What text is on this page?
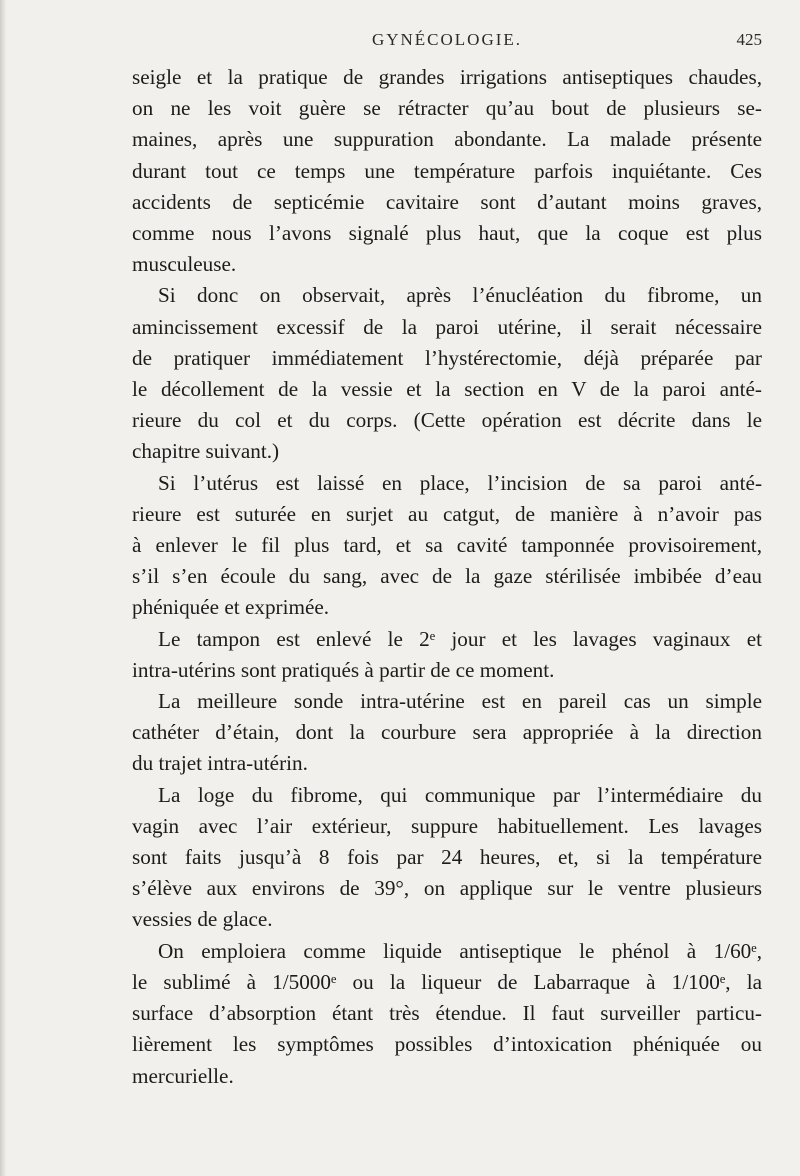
GYNÉCOLOGIE.	425

seigle et la pratique de grandes irrigations antiseptiques chaudes,
on ne les voit guère se rétracter qu’au bout de plusieurs se-
maines, après une suppuration abondante. La malade présente
durant tout ce temps une température parfois inquiétante. Ces
accidents de septicémie cavitaire sont d’autant moins graves,
comme nous l’avons signalé plus haut, que la coque est plus
musculeuse.

Si donc on observait, après l’énucléation du fibrome, un
amincissement excessif de la paroi utérine, il serait nécessaire
de pratiquer immédiatement l’hystérectomie, déjà préparée par
le décollement de la vessie et la section en V de la paroi anté-
rieure du col et du corps. (Cette opération est décrite dans le
chapitre suivant.)

Si l’utérus est laissé en place, l’incision de sa paroi anté-
rieure est suturée en surjet au catgut, de manière à n’avoir pas
à enlever le fil plus tard, et sa cavité tamponnée provisoirement,
s’il s’en écoule du sang, avec de la gaze stérilisée imbibée d’eau
phéniquée et exprimée.

Le tampon est enlevé le 2ᵉ jour et les lavages vaginaux et
intra-utérins sont pratiqués à partir de ce moment.

La meilleure sonde intra-utérine est en pareil cas un simple
cathéter d’étain, dont la courbure sera appropriée à la direction
du trajet intra-utérin.

La loge du fibrome, qui communique par l’intermédiaire du
vagin avec l’air extérieur, suppure habituellement. Les lavages
sont faits jusqu’à 8 fois par 24 heures, et, si la température
s’élève aux environs de 39°, on applique sur le ventre plusieurs
vessies de glace.

On emploiera comme liquide antiseptique le phénol à 1/60ᵉ,
le sublimé à 1/5000ᵉ ou la liqueur de Labarraque à 1/100ᵉ, la
surface d’absorption étant très étendue. Il faut surveiller particu-
lièrement les symptômes possibles d’intoxication phéniquée ou
mercurielle.
